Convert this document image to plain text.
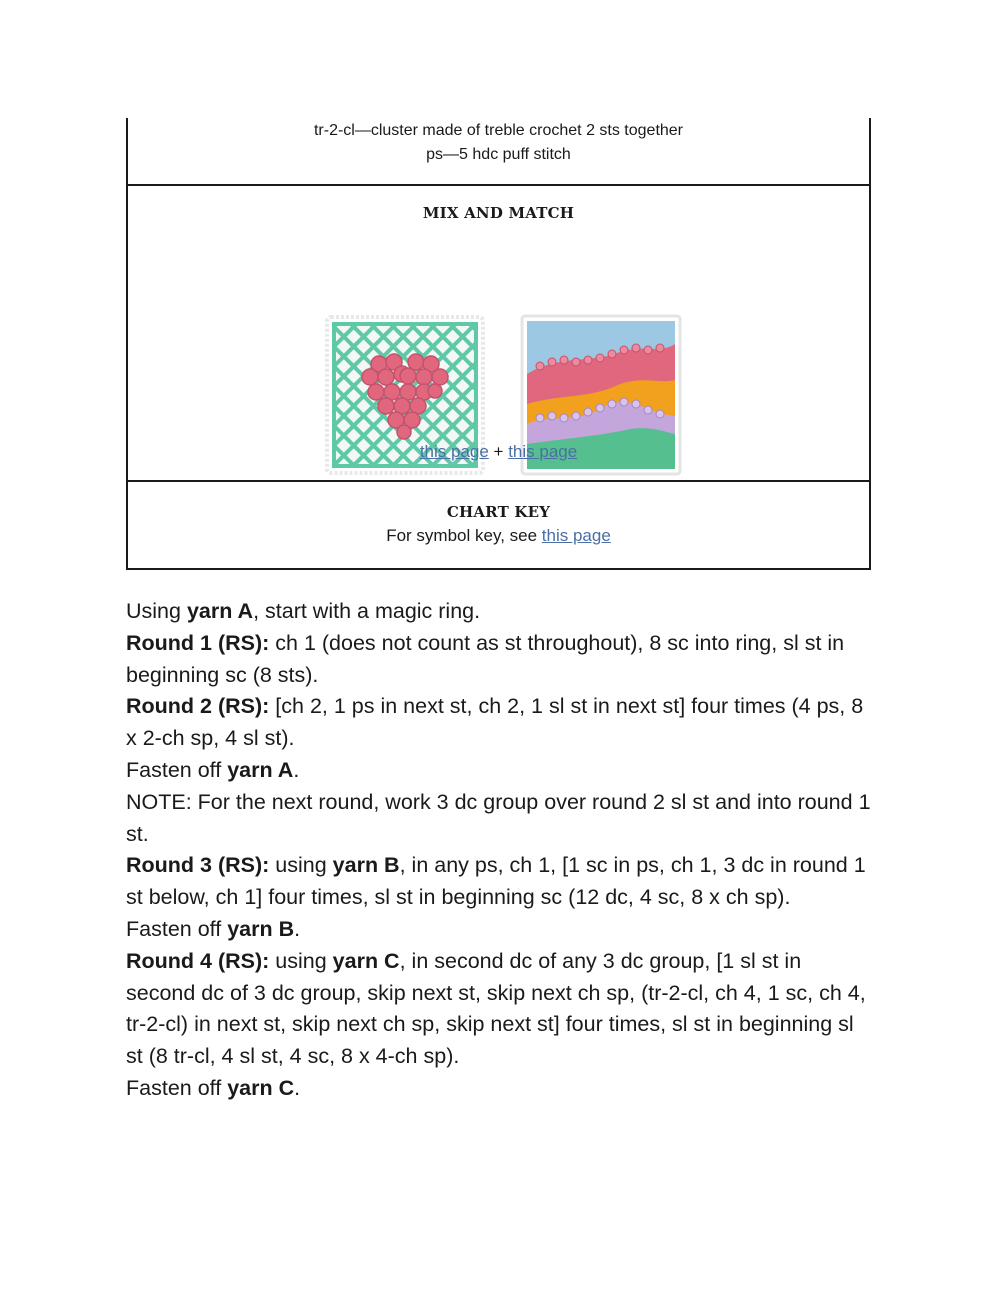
tr-2-cl—cluster made of treble crochet 2 sts together

ps—5 hdc puff stitch

MIX AND MATCH
this page + this page
CHART KEY
For symbol key, see this page

Using yarn A, start with a magic ring.

Round 1 (RS): ch 1 (does not count as st throughout), 8 sc into ring, sl st in beginning sc (8 sts).

Round 2 (RS): [ch 2, 1 ps in next st, ch 2, 1 sl st in next st] four times (4 ps, 8 x 2-ch sp, 4 sl st).

Fasten off yarn A.

NOTE: For the next round, work 3 dc group over round 2 sl st and into round 1 st.

Round 3 (RS): using yarn B, in any ps, ch 1, [1 sc in ps, ch 1, 3 dc in round 1 st below, ch 1] four times, sl st in beginning sc (12 dc, 4 sc, 8 x ch sp).

Fasten off yarn B.

Round 4 (RS): using yarn C, in second dc of any 3 dc group, [1 sl st in second dc of 3 dc group, skip next st, skip next ch sp, (tr-2-cl, ch 4, 1 sc, ch 4, tr-2-cl) in next st, skip next ch sp, skip next st] four times, sl st in beginning sl st (8 tr-cl, 4 sl st, 4 sc, 8 x 4-ch sp).

Fasten off yarn C.
